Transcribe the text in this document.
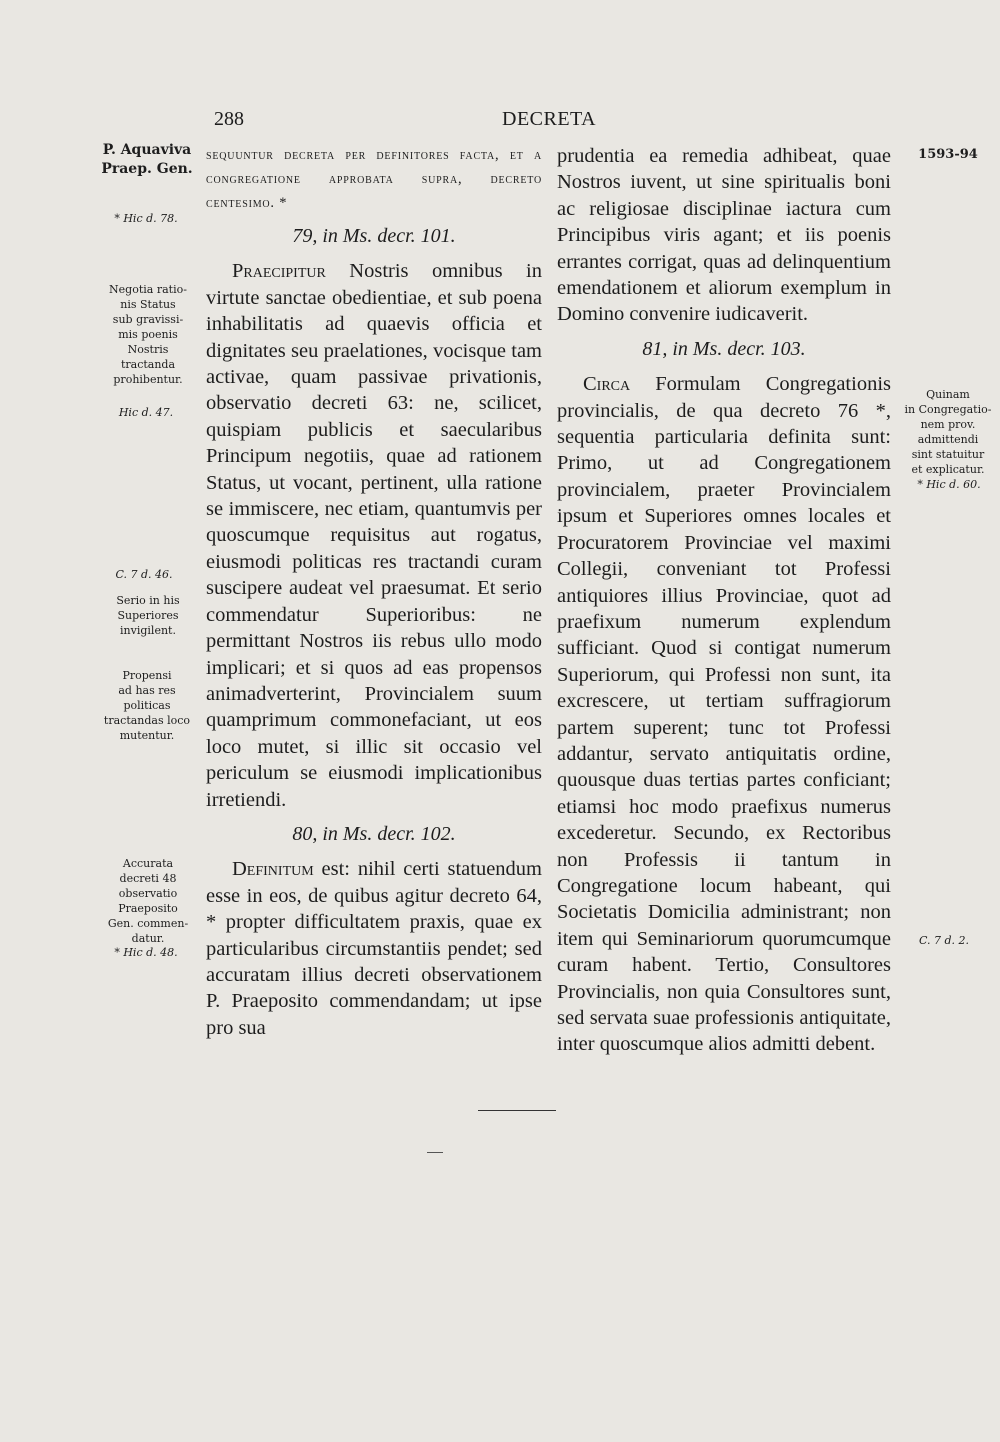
288	DECRETA
P. Aquaviva
Praep. Gen.
* Hic d. 78.
Negotia ratio-
nis Status
sub gravissi-
mis poenis
Nostris
tractanda
prohibentur.
Hic d. 47.
C. 7 d. 46.
Serio in his
Superiores
invigilent.
Propensi
ad has res
politicas
tractandas loco
mutentur.
Accurata
decreti 48
observatio
Praeposito
Gen. commen-
datur.
* Hic d. 48.
sequuntur decreta per definitores facta, et a congregatione approbata supra, decreto centesimo. *
79, in Ms. decr. 101.

Praecipitur Nostris omnibus in virtute sanctae obedientiae, et sub poena inhabilitatis ad quaevis officia et dignitates seu praelationes, vocisque tam activae, quam passivae privationis, observatio decreti 63: ne, scilicet, quispiam publicis et saecularibus Principum negotiis, quae ad rationem Status, ut vocant, pertinent, ulla ratione se immiscere, nec etiam, quantumvis per quoscumque requisitus aut rogatus, eiusmodi politicas res tractandi curam suscipere audeat vel praesumat. Et serio commendatur Superioribus: ne permittant Nostros iis rebus ullo modo implicari; et si quos ad eas propensos animadverterint, Provincialem suum quamprimum commonefaciant, ut eos loco mutet, si illic sit occasio vel periculum se eiusmodi implicationibus irretiendi.

80, in Ms. decr. 102.

Definitum est: nihil certi statuendum esse in eos, de quibus agitur decreto 64, * propter difficultatem praxis, quae ex particularibus circumstantiis pendet; sed accuratam illius decreti observationem P. Praeposito commendandam; ut ipse pro sua

prudentia ea remedia adhibeat, quae Nostros iuvent, ut sine spiritualis boni ac religiosae disciplinae iactura cum Principibus viris agant; et iis poenis errantes corrigat, quas ad delinquentium emendationem et aliorum exemplum in Domino convenire iudicaverit.

81, in Ms. decr. 103.

Circa Formulam Congregationis provincialis, de qua decreto 76 *, sequentia particularia definita sunt: Primo, ut ad Congregationem provincialem, praeter Provincialem ipsum et Superiores omnes locales et Procuratorem Provinciae vel maximi Collegii, conveniant tot Professi antiquiores illius Provinciae, quot ad praefixum numerum explendum sufficiant. Quod si contigat numerum Superiorum, qui Professi non sunt, ita excrescere, ut tertiam suffragiorum partem superent; tunc tot Professi addantur, servato antiquitatis ordine, quousque duas tertias partes conficiant; etiamsi hoc modo praefixus numerus excederetur. Secundo, ex Rectoribus non Professis ii tantum in Congregatione locum habeant, qui Societatis Domicilia administrant; non item qui Seminariorum quorumcumque curam habent. Tertio, Consultores Provincialis, non quia Consultores sunt, sed servata suae professionis antiquitate, inter quoscumque alios admitti debent.

1593-94
Quinam
in Congregatio-
nem prov.
admittendi
sint statuitur
et explicatur.
* Hic d. 60.
C. 7 d. 2.
